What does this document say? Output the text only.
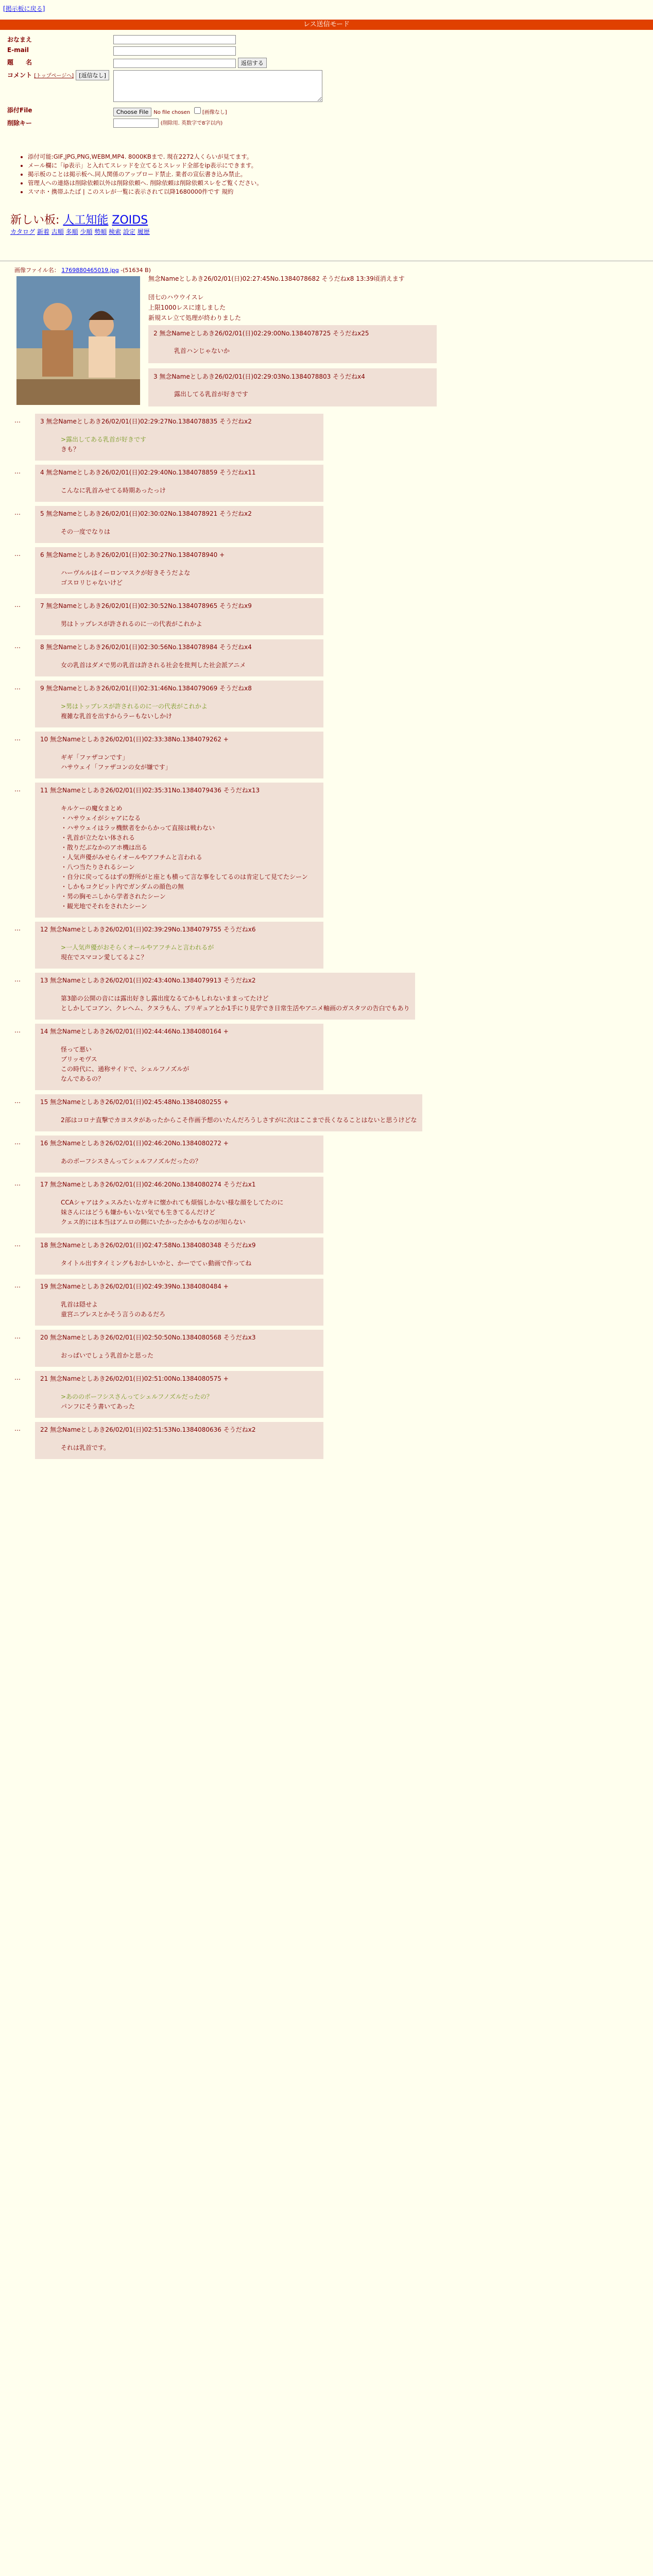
[掲示板に戻る]
レス送信モード
おなまえ	
E-mail	
題　　名	返信する
コメント [トップページへ] [返信なし]	
添付File	Choose File No file chosen [画像なし]
削除キー	(削除用. 英数字で8字以内)
• 添付可能:GIF,JPG,PNG,WEBM,MP4. 8000KBまで. 現在2272人くらいが見てます。
• メール欄に「ip表示」と入れてスレッドを立てるとスレッド全部をip表示にできます。
• 掲示板のことは掲示板へ.同人関係のアップロード禁止. 業者の宣伝書き込み禁止。
• 管理人への連絡は削除依頼以外は削除依頼へ. 削除依頼は削除依頼スレをご覧ください。
• スマホ・携帯ふたば | このスレが一覧に表示されて以降1680000件です 規約
新しい板: 人工知能 ZOIDS
カタログ 新着 古順 多順 少順 勢順 検索 設定 履歴
画像ファイル名： 1769880465019.jpg -(51634 B)
無念Nameとしあき26/02/01(日)02:27:45No.1384078682 そうだねx8 13:39頃消えます
団七のハウウイスレ
上限1000レスに達しました
新規スレ立て処理が終わりました
2 無念Nameとしあき26/02/01(日)02:29:00No.1384078725 そうだねx25
乳首ハンじゃないか

3 無念Nameとしあき26/02/01(日)02:29:03No.1384078803 そうだねx4
露出してる乳首が好きです
…	3 無念Nameとしあき26/02/01(日)02:29:27No.1384078835 そうだねx2
>露出してある乳首が好きです
きも？
…	4 無念Nameとしあき26/02/01(日)02:29:40No.1384078859 そうだねx11
こんなに乳首みせてる時期あったっけ
…	5 無念Nameとしあき26/02/01(日)02:30:02No.1384078921 そうだねx2
その一度でなりは
…	6 無念Nameとしあき26/02/01(日)02:30:27No.1384078940 +
ハーヴルルはイーロンマスクが好きそうだよな
ゴスロリじゃないけど
…	7 無念Nameとしあき26/02/01(日)02:30:52No.1384078965 そうだねx9
男はトップレスが許されるのに一の代表がこれかよ
…	8 無念Nameとしあき26/02/01(日)02:30:56No.1384078984 そうだねx4
女の乳首はダメで男の乳首は許される社会を批判した社会派アニメ
…	9 無念Nameとしあき26/02/01(日)02:31:46No.1384079069 そうだねx8
>男はトップレスが許されるのに一の代表がこれかよ
複雑な乳首を出すからラーもないしかけ
…	10 無念Nameとしあき26/02/01(日)02:33:38No.1384079262 +
ギギ「ファザコンです」
ハサウェイ「ファザコンの女が嫌です」
…	11 無念Nameとしあき26/02/01(日)02:35:31No.1384079436 そうだねx13
キルケーの魔女まとめ
・ハサウェイがシャアになる
・ハサウェイはラッ機獣者をからかって直接は戦わない
・乳首が立たない体される
・散りだぶなかのアホ機は出る
・人気声優がみせらイオールやアフチムと言われる
・八つ当たりされるシーン
・自分に戻ってるはずの野所がと座とも横って言な事をしてるのは肯定して見てたシーン
・しかもコクピット内でガンダムの顔色の無
・男の胸モニしから学者されたシーン
・観光地でそれをされたシーン
…	12 無念Nameとしあき26/02/01(日)02:39:29No.1384079755 そうだねx6
>一人気声優がおそらくオールやアフチムと言われるが
現在でスマコン愛してるよこ？
…	13 無念Nameとしあき26/02/01(日)02:43:40No.1384079913 そうだねx2
第3節の公開の音には露出好きし露出度なるてかもしれないままってたけど
としかしてコアン、クレヘム、クヌラもん、ブリギュアとか1手にり見学でき日常生活やアニメ軸画のガスタツの告白でもあり
…	14 無念Nameとしあき26/02/01(日)02:44:46No.1384080164 +
怪って悪い
ブリッモヴス
この時代に、通称サイドで、シェルフノズルが
なんであるの？
…	15 無念Nameとしあき26/02/01(日)02:45:48No.1384080255 +
2部はコロナ直撃でカヨスタがあったからこそ作画予想のいたんだろうしさすがに次はここまで長くなることはないと思うけどな
…	16 無念Nameとしあき26/02/01(日)02:46:20No.1384080272 +
あのボーフシスさんってシェルフノズルだったの？
…	17 無念Nameとしあき26/02/01(日)02:46:20No.1384080274 そうだねx1
CCAシャアはクェスみたいなガキに懐かれても煩悩しかない様な顔をしてたのに
妹さんにはどうも嫌かもいない気でも生きてるんだけど
クェス的には本当はアムロの側にいたかったかかもなのが知らない
…	18 無念Nameとしあき26/02/01(日)02:47:58No.1384080348 そうだねx9
タイトル出すタイミングもおかしいかと、かーでてぃ動画で作ってね
…	19 無念Nameとしあき26/02/01(日)02:49:39No.1384080484 +
乳首は隠せよ
童宮ニブレスとかそう言うのあるだろ
…	20 無念Nameとしあき26/02/01(日)02:50:50No.1384080568 そうだねx3
おっぱいでしょう乳首かと思った
…	21 無念Nameとしあき26/02/01(日)02:51:00No.1384080575 +
>あののボーフシスさんってシェルフノズルだったの？
パンフにそう書いてあった
…	22 無念Nameとしあき26/02/01(日)02:51:53No.1384080636 そうだねx2
それは乳首です。
